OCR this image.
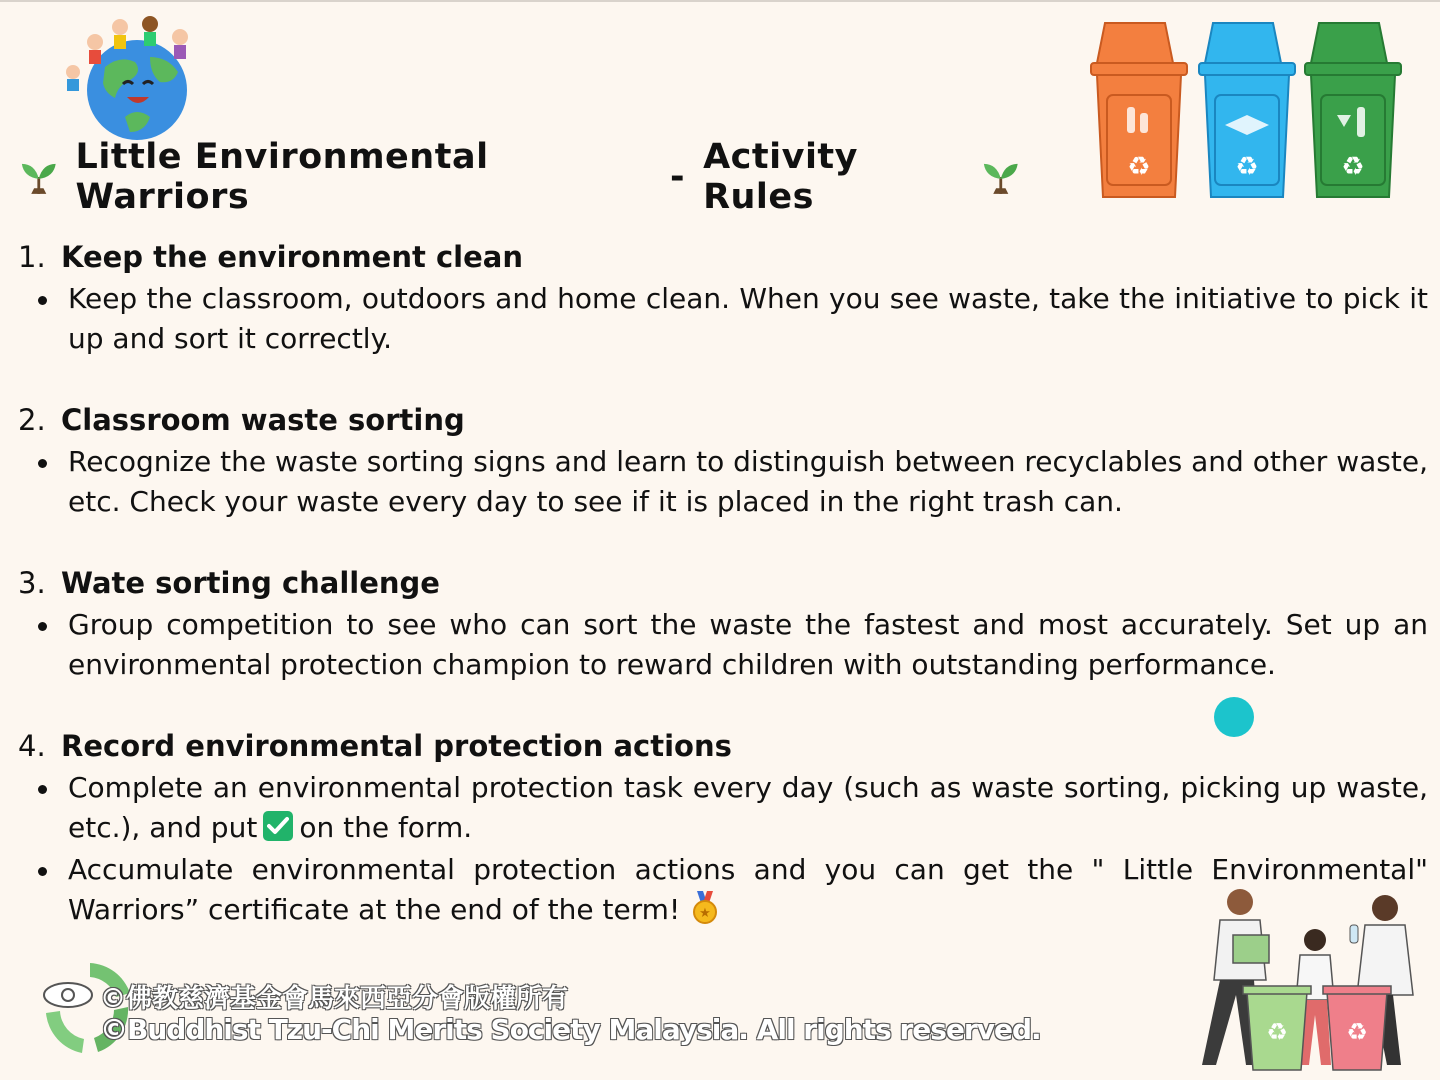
♻	♻	♻
Little Environmental Warriors	- Activity Rules
1. Keep the environment clean
Keep the classroom, outdoors and home clean. When you see waste, take the initiative to pick it up and sort it correctly.
2. Classroom waste sorting
Recognize the waste sorting signs and learn to distinguish between recyclables and other waste, etc. Check your waste every day to see if it is placed in the right trash can.
3. Wate sorting challenge
Group competition to see who can sort the waste the fastest and most accurately. Set up an environmental protection champion to reward children with outstanding performance.
4. Record environmental protection actions
Complete an environmental protection task every day (such as waste sorting, picking up waste, etc.), and put on the form.
Accumulate environmental protection actions and you can get the " Little Environmental" Warriors” certificate at the end of the term! ★
©佛教慈濟基金會馬來西亞分會版權所有
©Buddhist Tzu-Chi Merits Society Malaysia. All rights reserved.	♻ ♻
